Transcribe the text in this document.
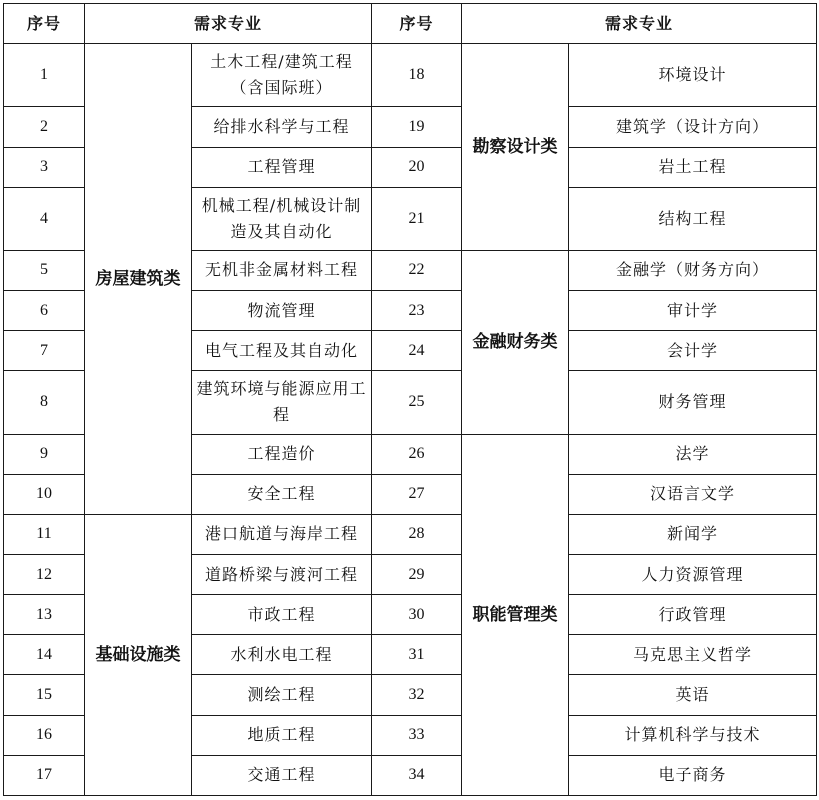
序号	需求专业		序号	需求专业	
1	房屋建筑类	土木工程/建筑工程（含国际班）	18	勘察设计类	环境设计
2		给排水科学与工程	19		建筑学（设计方向）
3		工程管理	20		岩土工程
4		机械工程/机械设计制造及其自动化	21		结构工程
5		无机非金属材料工程	22	金融财务类	金融学（财务方向）
6		物流管理	23		审计学
7		电气工程及其自动化	24		会计学
8		建筑环境与能源应用工程	25		财务管理
9		工程造价	26	职能管理类	法学
10		安全工程	27		汉语言文学
11	基础设施类	港口航道与海岸工程	28		新闻学
12		道路桥梁与渡河工程	29		人力资源管理
13		市政工程	30		行政管理
14		水利水电工程	31		马克思主义哲学
15		测绘工程	32		英语
16		地质工程	33		计算机科学与技术
17		交通工程	34		电子商务
